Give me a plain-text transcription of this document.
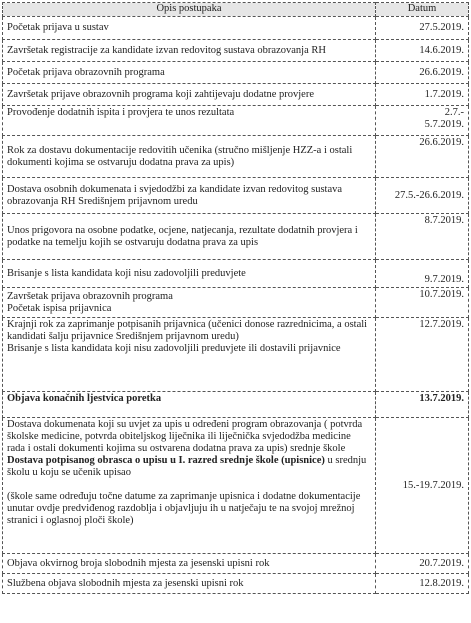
Opis postupaka	Datum
Početak prijava u sustav	27.5.2019.
Završetak registracije za kandidate izvan redovitog sustava obrazovanja RH	14.6.2019.
Početak prijava obrazovnih programa	26.6.2019.
Završetak prijave obrazovnih programa koji zahtijevaju dodatne provjere	1.7.2019.
Provođenje dodatnih ispita i provjera te unos rezultata	2.7.-
5.7.2019.

Rok za dostavu dokumentacije redovitih učenika (stručno mišljenje HZZ-a i ostali dokumenti kojima se ostvaruju dodatna prava za upis)	26.6.2019.
Dostava osobnih dokumenata i svjedodžbi za kandidate izvan redovitog sustava obrazovanja RH Središnjem prijavnom uredu	27.5.-26.6.2019.
Unos prigovora na osobne podatke, ocjene, natjecanja, rezultate dodatnih provjera i podatke na temelju kojih se ostvaruju dodatna prava za upis	8.7.2019.
Brisanje s lista kandidata koji nisu zadovoljili preduvjete	9.7.2019.

Završetak prijava obrazovnih programa
Početak ispisa prijavnica	10.7.2019.

Krajnji rok za zaprimanje potpisanih prijavnica (učenici donose razrednicima, a ostali kandidati šalju prijavnice Središnjem prijavnom uredu)
Brisanje s lista kandidata koji nisu zadovoljili preduvjete ili dostavili prijavnice	12.7.2019.
Objava konačnih ljestvica poretka	13.7.2019.
Dostava dokumenata koji su uvjet za upis u određeni program obrazovanja ( potvrda školske medicine, potvrda obiteljskog liječnika ili liječnička svjedodžba medicine rada i ostali dokumenti kojima su ostvarena dodatna prava za upis) srednje škole
Dostava potpisanog obrasca o upisu u I. razred srednje škole (upisnice) u srednju školu u koju se učenik upisao
(škole same određuju točne datume za zaprimanje upisnica i dodatne dokumentacije unutar ovdje predviđenog razdoblja i objavljuju ih u natječaju te na svojoj mrežnoj stranici i oglasnoj ploči škole)	15.-19.7.2019.
Objava okvirnog broja slobodnih mjesta za jesenski upisni rok	20.7.2019.
Službena objava slobodnih mjesta za jesenski upisni rok	12.8.2019.
